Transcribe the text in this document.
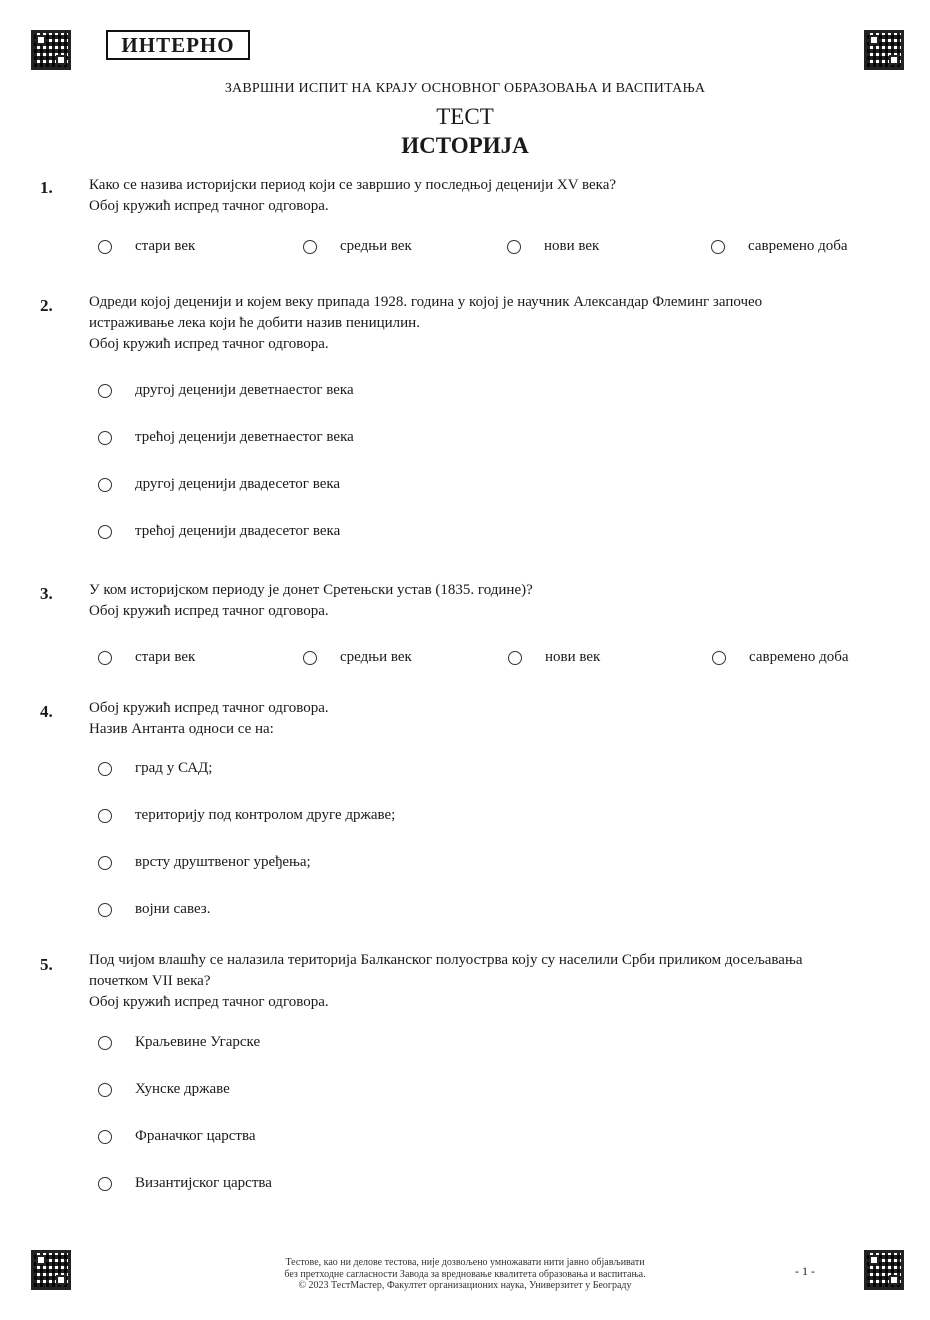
ИНТЕРНО
ЗАВРШНИ ИСПИТ НА КРАЈУ ОСНОВНОГ ОБРАЗОВАЊА И ВАСПИТАЊА
ТЕСТ
ИСТОРИЈА
1. Како се назива историјски период који се завршио у последњој деценији XV века?
Обој кружић испред тачног одговора.
стари век	средњи век	нови век	савремено доба
2. Одреди којој деценији и којем веку припада 1928. година у којој је научник Александар Флеминг започео
истраживање лека који ће добити назив пеницилин.
Обој кружић испред тачног одговора.
другој деценији деветнаестог века
трећој деценији деветнаестог века
другој деценији двадесетог века
трећој деценији двадесетог века
3. У ком историјском периоду је донет Сретењски устав (1835. године)?
Обој кружић испред тачног одговора.
стари век	средњи век	нови век	савремено доба
4. Обој кружић испред тачног одговора.
Назив Антанта односи се на:
град у САД;
територију под контролом друге државе;
врсту друштвеног уређења;
војни савез.
5. Под чијом влашћу се налазила територија Балканског полуострва коју су населили Срби приликом досељавања
почетком VII века?
Обој кружић испред тачног одговора.
Краљевине Угарске
Хунске државе
Франачког царства
Византијског царства
Тестове, као ни делове тестова, није дозвољено умножавати нити јавно објављивати
без претходне сагласности Завода за вредновање квалитета образовања и васпитања.
© 2023 ТестМастер, Факултет организационих наука, Универзитет у Београду
- 1 -
